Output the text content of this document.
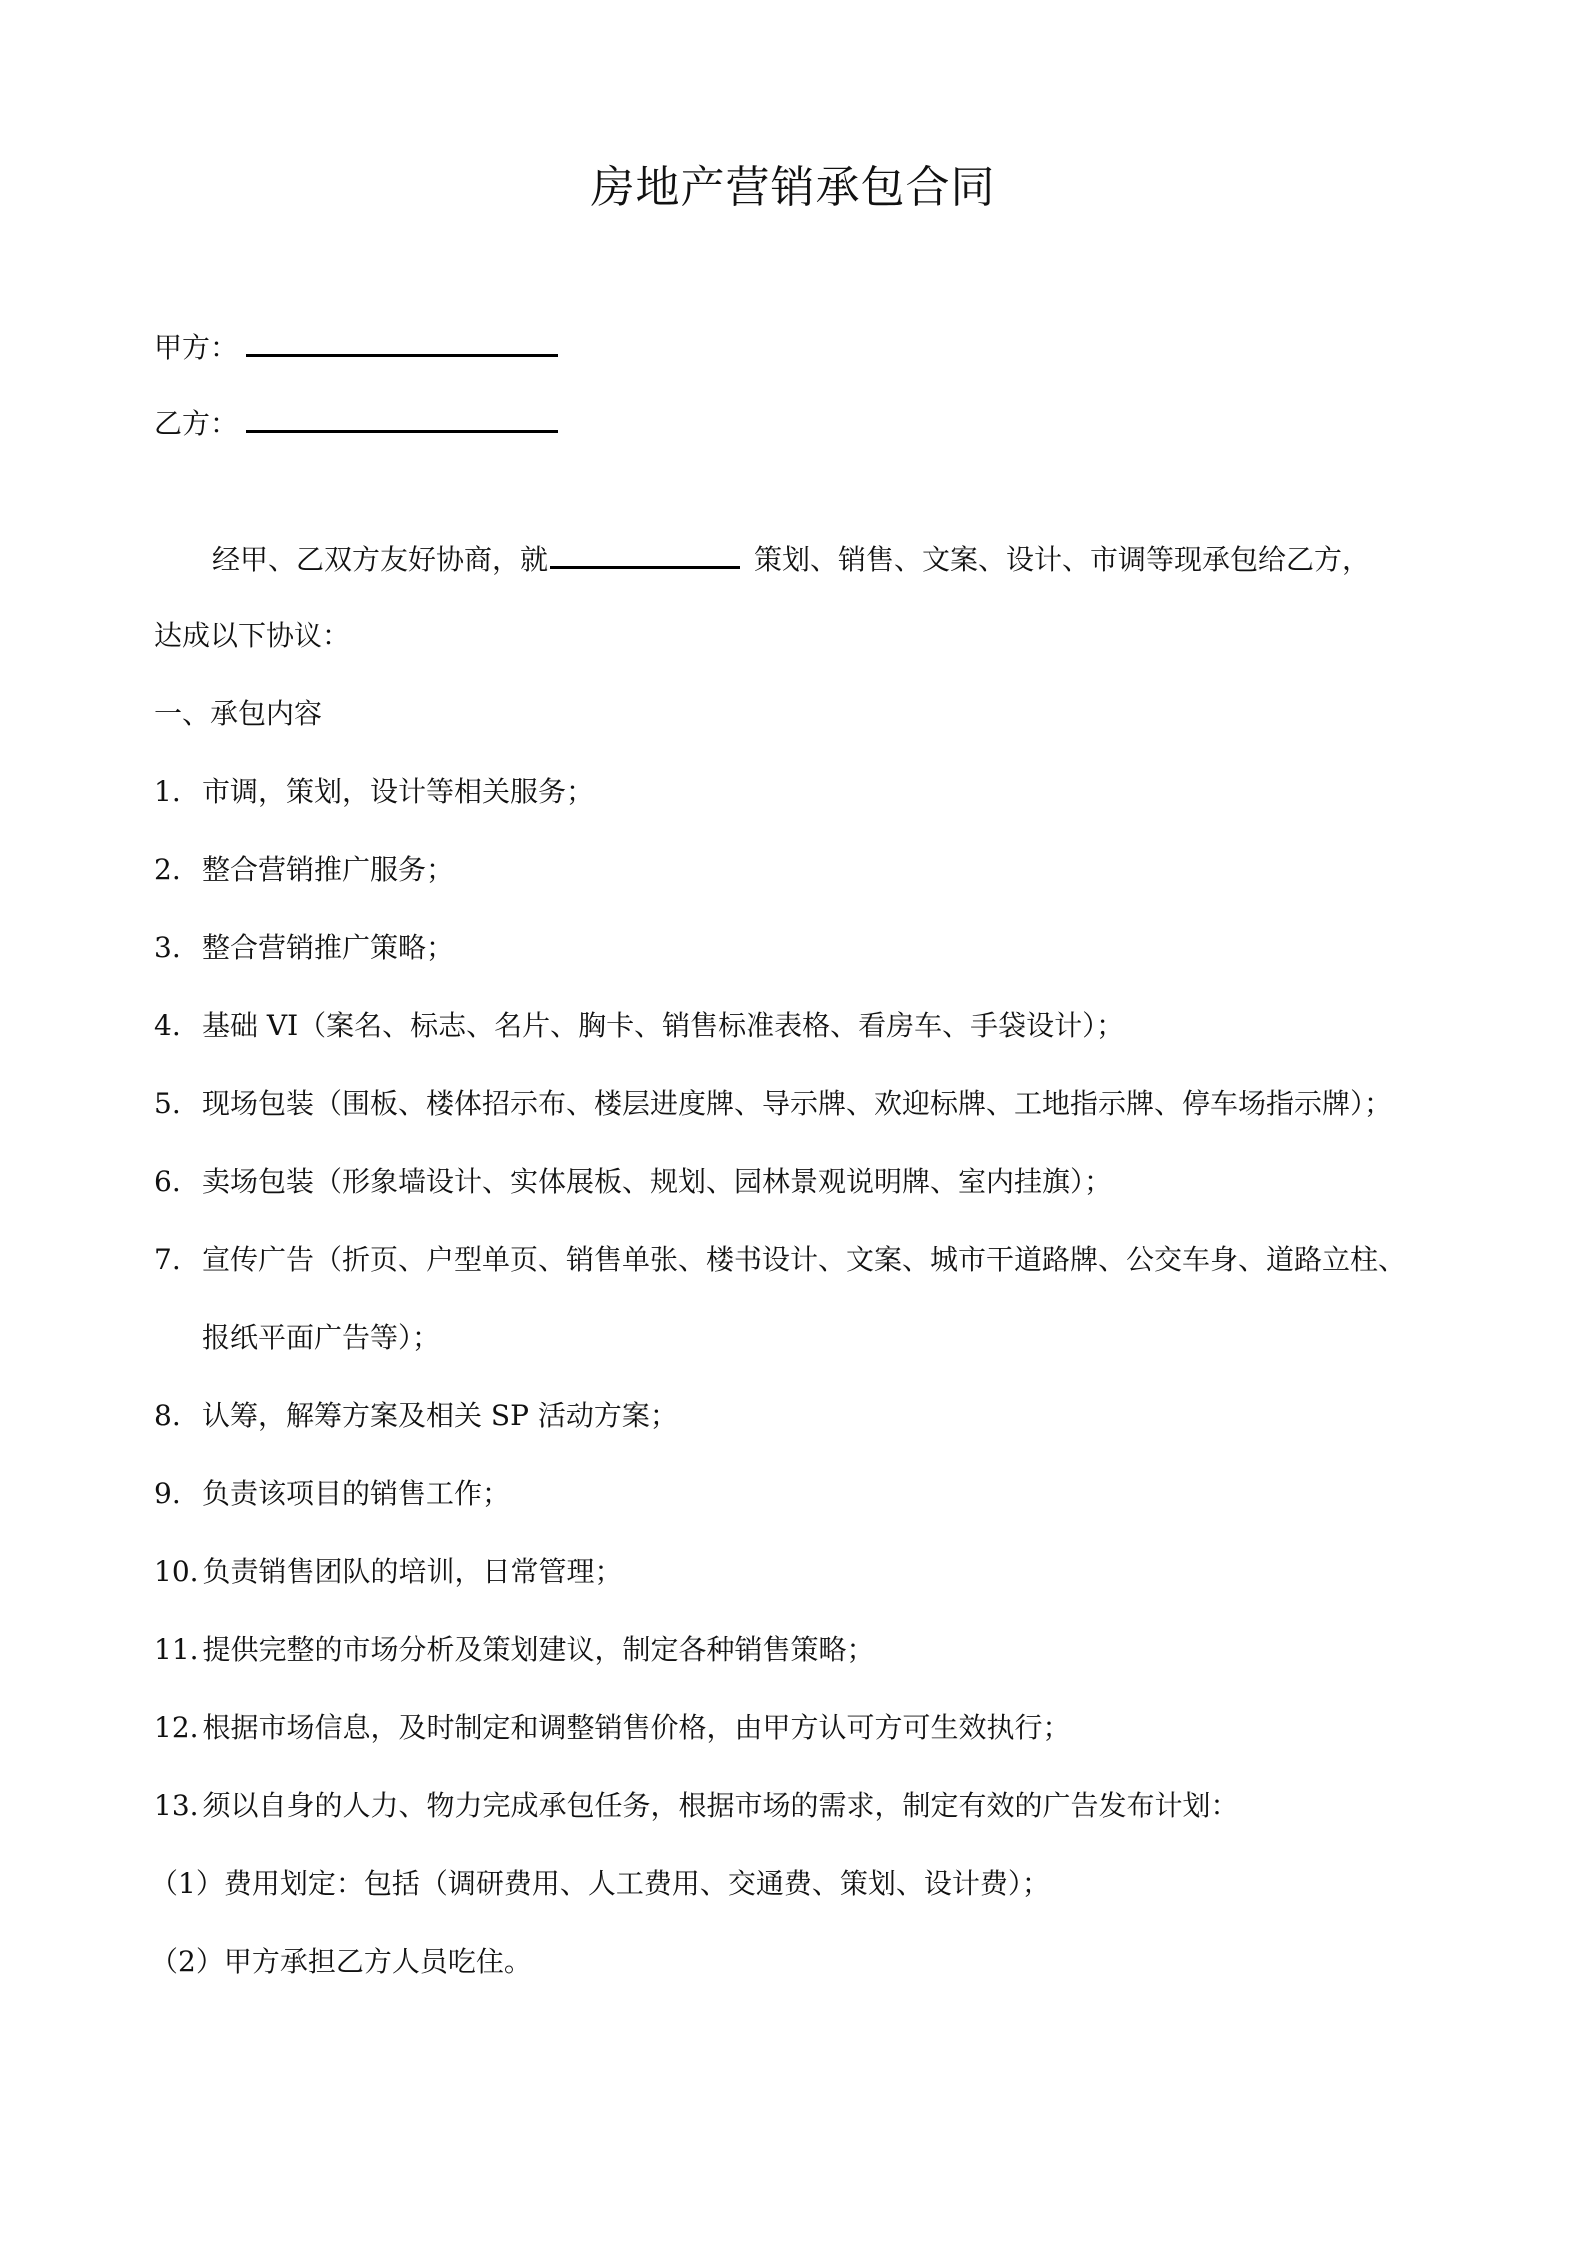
房地产营销承包合同
甲方：
乙方：
经甲、乙双方友好协商，就	策划、销售、文案、设计、市调等现承包给乙方，
达成以下协议：
一、承包内容
1. 市调，策划，设计等相关服务；
2. 整合营销推广服务；
3. 整合营销推广策略；
4. 基础 VI（案名、标志、名片、胸卡、销售标准表格、看房车、手袋设计）；
5. 现场包装（围板、楼体招示布、楼层进度牌、导示牌、欢迎标牌、工地指示牌、停车场指示牌）；
6. 卖场包装（形象墙设计、实体展板、规划、园林景观说明牌、室内挂旗）；
7. 宣传广告（折页、户型单页、销售单张、楼书设计、文案、城市干道路牌、公交车身、道路立柱、
报纸平面广告等）；
8. 认筹，解筹方案及相关 SP 活动方案；
9. 负责该项目的销售工作；
10. 负责销售团队的培训，日常管理；
11. 提供完整的市场分析及策划建议，制定各种销售策略；
12. 根据市场信息，及时制定和调整销售价格，由甲方认可方可生效执行；
13. 须以自身的人力、物力完成承包任务，根据市场的需求，制定有效的广告发布计划：
（1）费用划定：包括（调研费用、人工费用、交通费、策划、设计费）；
（2）甲方承担乙方人员吃住。
